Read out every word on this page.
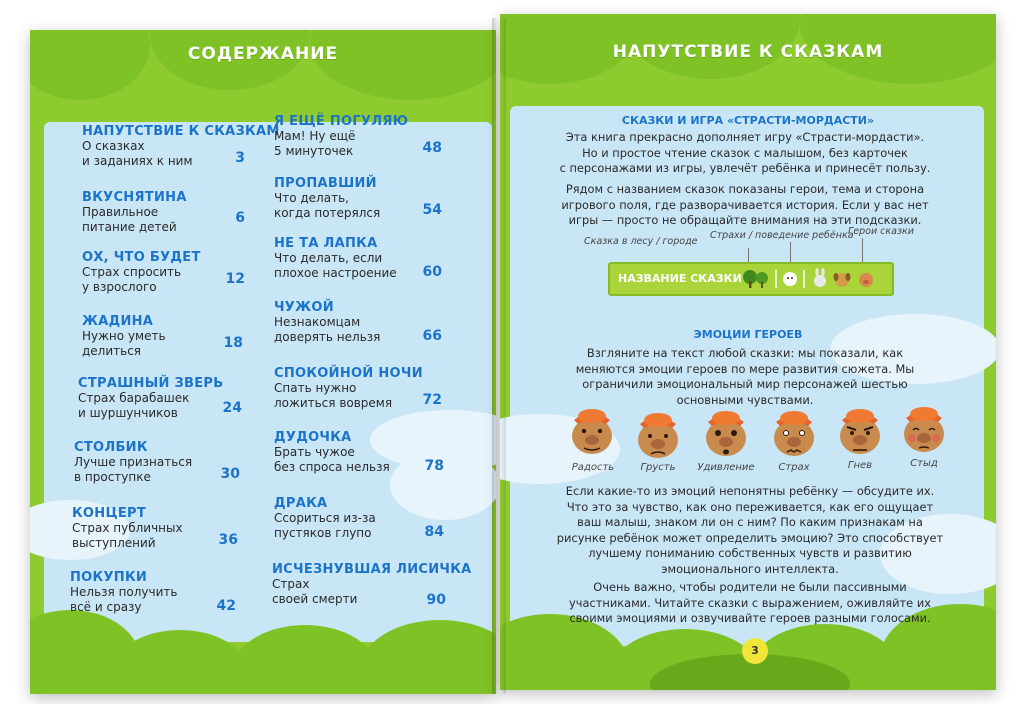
СОДЕРЖАНИЕ
НАПУТСТВИЕ К СКАЗКАМ
О сказках
и заданиях к ним	3
ВКУСНЯТИНА
Правильное
питание детей
6
ОХ, ЧТО БУДЕТ
Страх спросить
у взрослого	12
ЖАДИНА
Нужно уметь
делиться	18
СТРАШНЫЙ ЗВЕРЬ
Страх барабашек
и шуршунчиков	24
СТОЛБИК
Лучше признаться
в проступке	30
КОНЦЕРТ
Страх публичных
выступлений	36
ПОКУПКИ
Нельзя получить
всё и сразу	42
Я ЕЩЁ ПОГУЛЯЮ
Мам! Ну ещё
5 минуточек	48
ПРОПАВШИЙ
Что делать,
когда потерялся	54
НЕ ТА ЛАПКА
Что делать, если
плохое настроение	60
ЧУЖОЙ
Незнакомцам
доверять нельзя	66
СПОКОЙНОЙ НОЧИ
Спать нужно
ложиться вовремя	72
ДУДОЧКА
Брать чужое
без спроса нельзя	78
ДРАКА
Ссориться из-за
пустяков глупо	84
ИСЧЕЗНУВШАЯ ЛИСИЧКА
Страх
своей смерти	90
НАПУТСТВИЕ К СКАЗКАМ
СКАЗКИ И ИГРА «СТРАСТИ-МОРДАСТИ»
Эта книга прекрасно дополняет игру «Страсти-мордасти».
Но и простое чтение сказок с малышом, без карточек
с персонажами из игры, увлечёт ребёнка и принесёт пользу.
Рядом с названием сказок показаны герои, тема и сторона
игрового поля, где разворачивается история. Если у вас нет
игры — просто не обращайте внимания на эти подсказки.
Сказка в лесу / городе
Страхи / поведение ребёнка
Герои сказки
НАЗВАНИЕ СКАЗКИ
ЭМОЦИИ ГЕРОЕВ
Взгляните на текст любой сказки: мы показали, как
меняются эмоции героев по мере развития сюжета. Мы
ограничили эмоциональный мир персонажей шестью
основными чувствами.
Радость	Грусть	Удивление	Страх	Гнев	Стыд
Если какие-то из эмоций непонятны ребёнку — обсудите их.
Что это за чувство, как оно переживается, как его ощущает
ваш малыш, знаком ли он с ним? По каким признакам на
рисунке ребёнок может определить эмоцию? Это способствует
лучшему пониманию собственных чувств и развитию
эмоционального интеллекта.
Очень важно, чтобы родители не были пассивными
участниками. Читайте сказки с выражением, оживляйте их
своими эмоциями и озвучивайте героев разными голосами.
3
